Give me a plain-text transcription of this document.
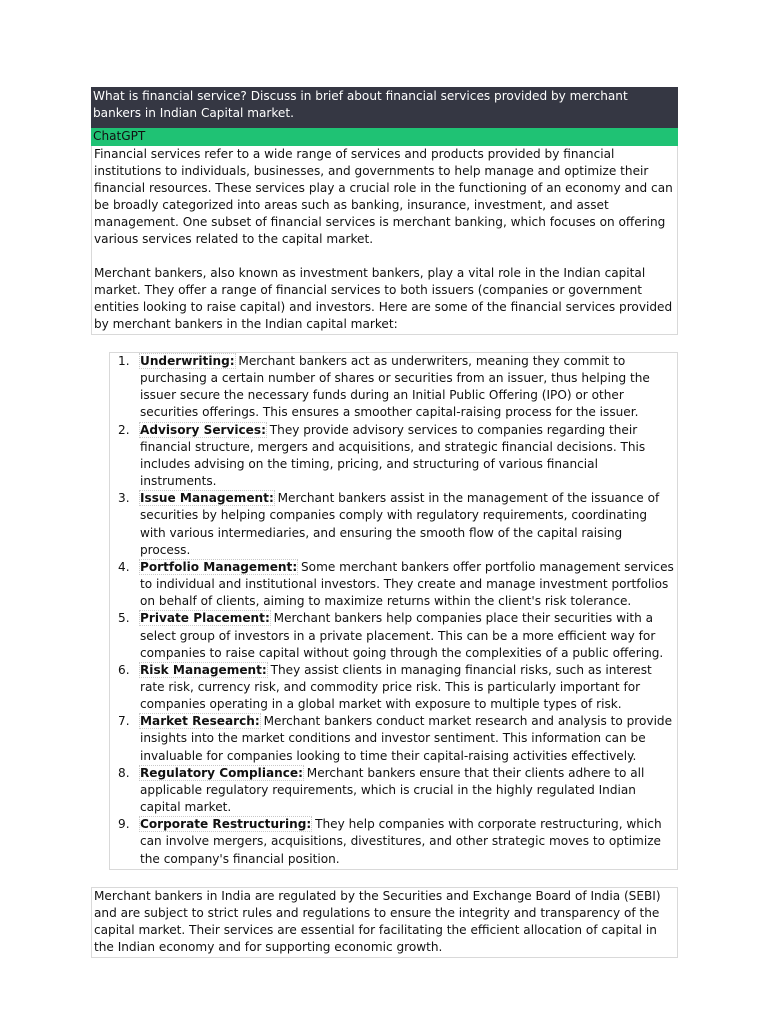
What is financial service? Discuss in brief about financial services provided by merchant bankers in Indian Capital market.
ChatGPT

Financial services refer to a wide range of services and products provided by financial institutions to individuals, businesses, and governments to help manage and optimize their financial resources. These services play a crucial role in the functioning of an economy and can be broadly categorized into areas such as banking, insurance, investment, and asset management. One subset of financial services is merchant banking, which focuses on offering various services related to the capital market.

Merchant bankers, also known as investment bankers, play a vital role in the Indian capital market. They offer a range of financial services to both issuers (companies or government entities looking to raise capital) and investors. Here are some of the financial services provided by merchant bankers in the Indian capital market:

1. Underwriting: Merchant bankers act as underwriters, meaning they commit to purchasing a certain number of shares or securities from an issuer, thus helping the issuer secure the necessary funds during an Initial Public Offering (IPO) or other securities offerings. This ensures a smoother capital-raising process for the issuer.
2. Advisory Services: They provide advisory services to companies regarding their financial structure, mergers and acquisitions, and strategic financial decisions. This includes advising on the timing, pricing, and structuring of various financial instruments.
3. Issue Management: Merchant bankers assist in the management of the issuance of securities by helping companies comply with regulatory requirements, coordinating with various intermediaries, and ensuring the smooth flow of the capital raising process.
4. Portfolio Management: Some merchant bankers offer portfolio management services to individual and institutional investors. They create and manage investment portfolios on behalf of clients, aiming to maximize returns within the client's risk tolerance.
5. Private Placement: Merchant bankers help companies place their securities with a select group of investors in a private placement. This can be a more efficient way for companies to raise capital without going through the complexities of a public offering.
6. Risk Management: They assist clients in managing financial risks, such as interest rate risk, currency risk, and commodity price risk. This is particularly important for companies operating in a global market with exposure to multiple types of risk.
7. Market Research: Merchant bankers conduct market research and analysis to provide insights into the market conditions and investor sentiment. This information can be invaluable for companies looking to time their capital-raising activities effectively.
8. Regulatory Compliance: Merchant bankers ensure that their clients adhere to all applicable regulatory requirements, which is crucial in the highly regulated Indian capital market.
9. Corporate Restructuring: They help companies with corporate restructuring, which can involve mergers, acquisitions, divestitures, and other strategic moves to optimize the company's financial position.

Merchant bankers in India are regulated by the Securities and Exchange Board of India (SEBI) and are subject to strict rules and regulations to ensure the integrity and transparency of the capital market. Their services are essential for facilitating the efficient allocation of capital in the Indian economy and for supporting economic growth.
